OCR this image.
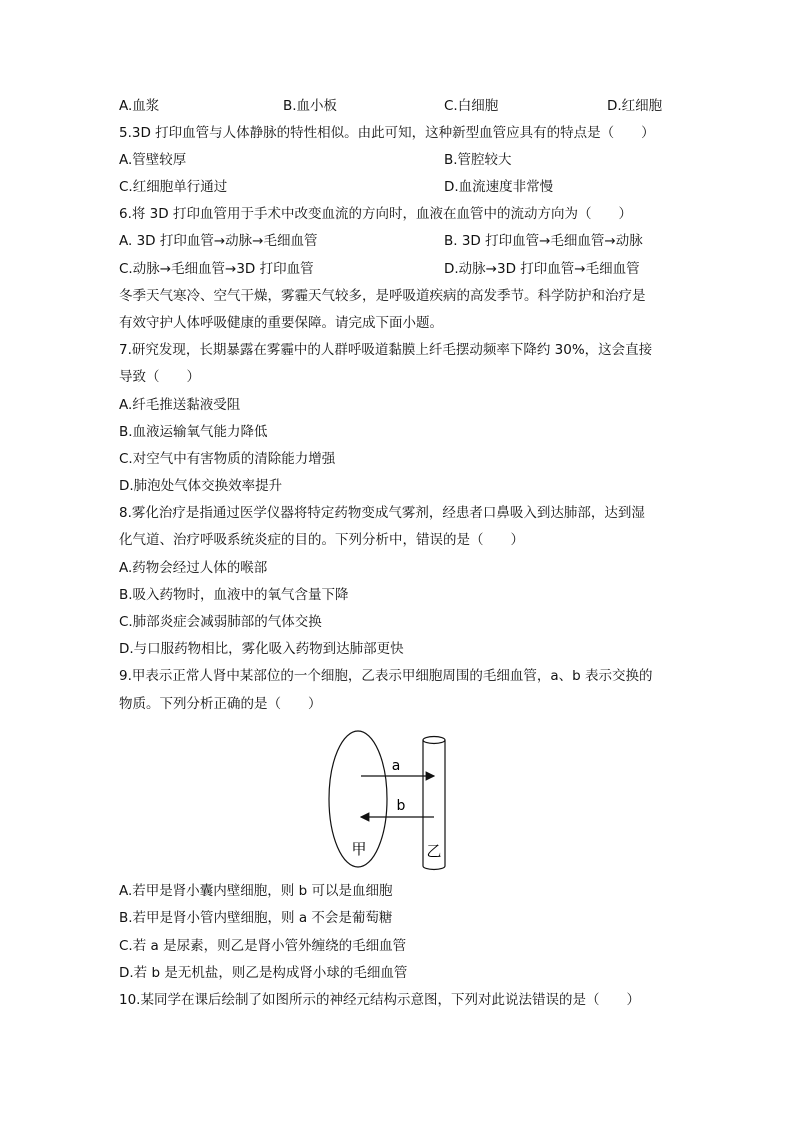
A.血浆	B.血小板	C.白细胞	D.红细胞
5.3D 打印血管与人体静脉的特性相似。由此可知，这种新型血管应具有的特点是（　　）
A.管壁较厚	B.管腔较大
C.红细胞单行通过	D.血流速度非常慢
6.将 3D 打印血管用于手术中改变血流的方向时，血液在血管中的流动方向为（　　）
A. 3D 打印血管→动脉→毛细血管	B. 3D 打印血管→毛细血管→动脉
C.动脉→毛细血管→3D 打印血管	D.动脉→3D 打印血管→毛细血管
冬季天气寒冷、空气干燥，雾霾天气较多，是呼吸道疾病的高发季节。科学防护和治疗是
有效守护人体呼吸健康的重要保障。请完成下面小题。
7.研究发现，长期暴露在雾霾中的人群呼吸道黏膜上纤毛摆动频率下降约 30%，这会直接
导致（　　）
A.纤毛推送黏液受阻
B.血液运输氧气能力降低
C.对空气中有害物质的清除能力增强
D.肺泡处气体交换效率提升
8.雾化治疗是指通过医学仪器将特定药物变成气雾剂，经患者口鼻吸入到达肺部，达到湿
化气道、治疗呼吸系统炎症的目的。下列分析中，错误的是（　　）
A.药物会经过人体的喉部
B.吸入药物时，血液中的氧气含量下降
C.肺部炎症会减弱肺部的气体交换
D.与口服药物相比，雾化吸入药物到达肺部更快
9.甲表示正常人肾中某部位的一个细胞，乙表示甲细胞周围的毛细血管，a、b 表示交换的
物质。下列分析正确的是（　　）
a
b
甲	乙
A.若甲是肾小囊内壁细胞，则 b 可以是血细胞
B.若甲是肾小管内壁细胞，则 a 不会是葡萄糖
C.若 a 是尿素，则乙是肾小管外缠绕的毛细血管
D.若 b 是无机盐，则乙是构成肾小球的毛细血管
10.某同学在课后绘制了如图所示的神经元结构示意图，下列对此说法错误的是（　　）
